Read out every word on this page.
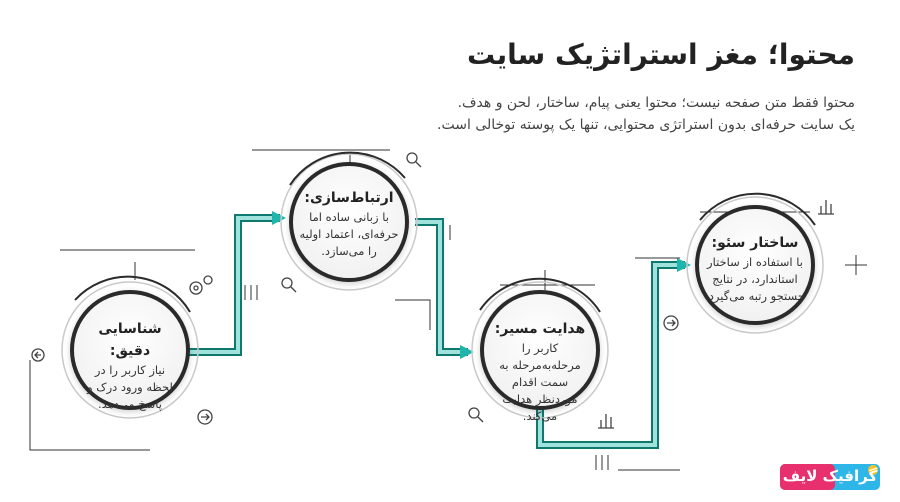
محتوا؛ مغز استراتژیک سایت

محتوا فقط متن صفحه نیست؛ محتوا یعنی پیام، ساختار، لحن و هدف.
یک سایت حرفه‌ای بدون استراتژی محتوایی، تنها یک پوسته توخالی است.

شناسایی دقیق:
نیاز کاربر را در لحظه ورود درک و پاسخ می‌دهد.
ارتباط‌سازی:
با زبانی ساده اما حرفه‌ای، اعتماد اولیه را می‌سازد.
هدایت مسیر:
کاربر را مرحله‌به‌مرحله به سمت اقدام موردنظر هدایت می‌کند.
ساختار سئو:
با استفاده از ساختار استاندارد، در نتایج جستجو رتبه می‌گیرد.
گرافیک لایف
